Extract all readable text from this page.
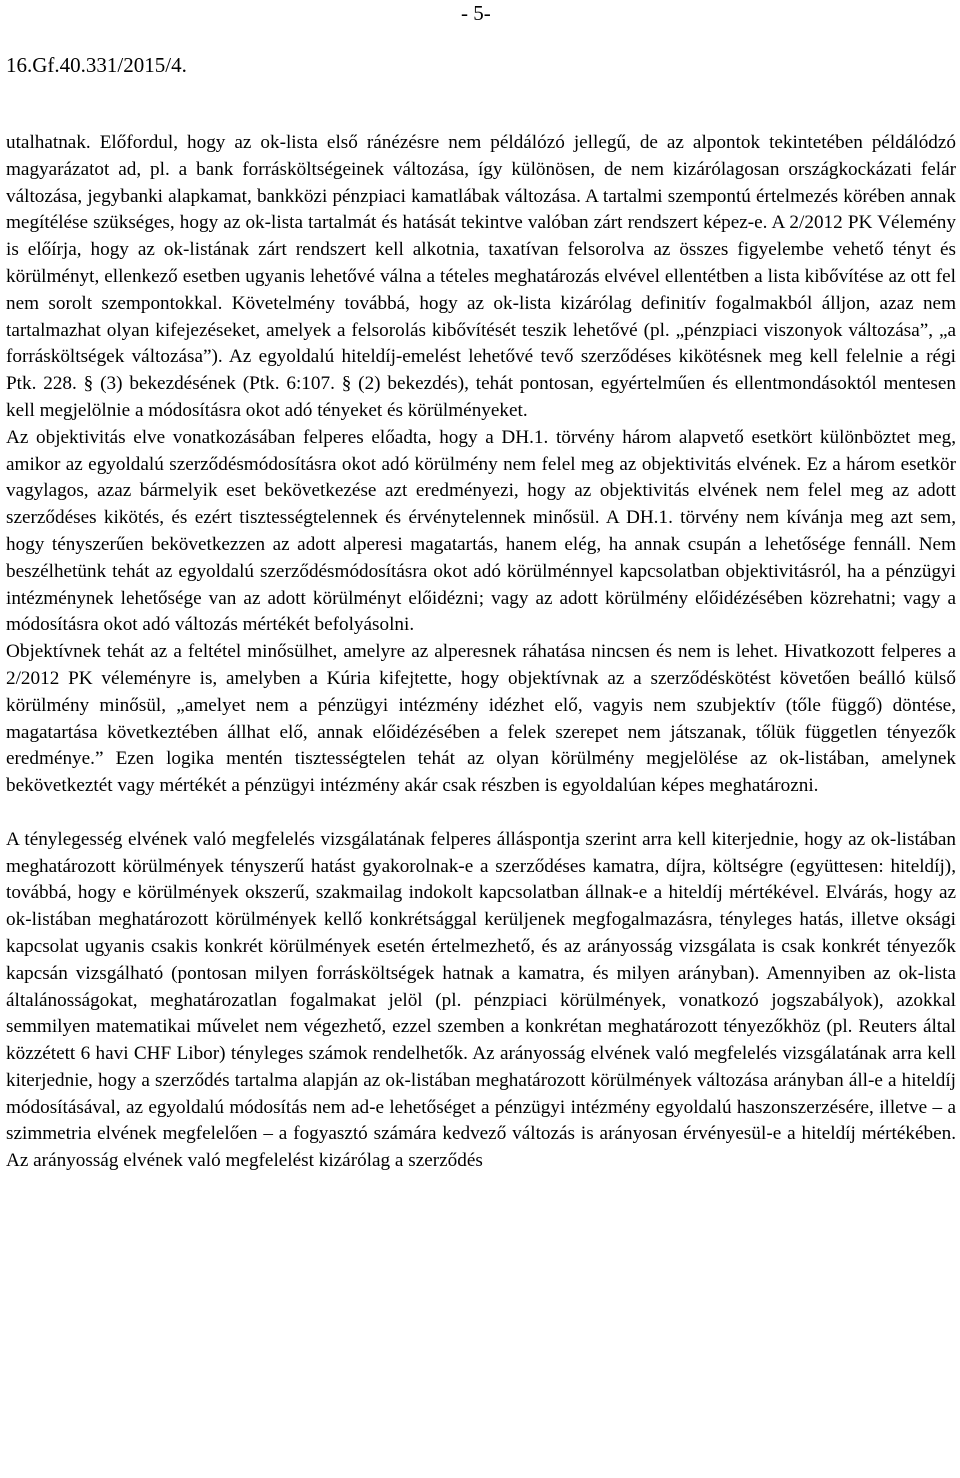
- 5-
16.Gf.40.331/2015/4.

utalhatnak. Előfordul, hogy az ok-lista első ránézésre nem példálózó jellegű, de az alpontok tekintetében példálódzó magyarázatot ad, pl. a bank forrásköltségeinek változása, így különösen, de nem kizárólagosan országkockázati felár változása, jegybanki alapkamat, bankközi pénzpiaci kamatlábak változása. A tartalmi szempontú értelmezés körében annak megítélése szükséges, hogy az ok-lista tartalmát és hatását tekintve valóban zárt rendszert képez-e. A 2/2012 PK Vélemény is előírja, hogy az ok-listának zárt rendszert kell alkotnia, taxatívan felsorolva az összes figyelembe vehető tényt és körülményt, ellenkező esetben ugyanis lehetővé válna a tételes meghatározás elvével ellentétben a lista kibővítése az ott fel nem sorolt szempontokkal. Követelmény továbbá, hogy az ok-lista kizárólag definitív fogalmakból álljon, azaz nem tartalmazhat olyan kifejezéseket, amelyek a felsorolás kibővítését teszik lehetővé (pl. „pénzpiaci viszonyok változása”, „a forrásköltségek változása”). Az egyoldalú hiteldíj-emelést lehetővé tevő szerződéses kikötésnek meg kell felelnie a régi Ptk. 228. § (3) bekezdésének (Ptk. 6:107. § (2) bekezdés), tehát pontosan, egyértelműen és ellentmondásoktól mentesen kell megjelölnie a módosításra okot adó tényeket és körülményeket.

Az objektivitás elve vonatkozásában felperes előadta, hogy a DH.1. törvény három alapvető esetkört különböztet meg, amikor az egyoldalú szerződésmódosításra okot adó körülmény nem felel meg az objektivitás elvének. Ez a három esetkör vagylagos, azaz bármelyik eset bekövetkezése azt eredményezi, hogy az objektivitás elvének nem felel meg az adott szerződéses kikötés, és ezért tisztességtelennek és érvénytelennek minősül. A DH.1. törvény nem kívánja meg azt sem, hogy tényszerűen bekövetkezzen az adott alperesi magatartás, hanem elég, ha annak csupán a lehetősége fennáll. Nem beszélhetünk tehát az egyoldalú szerződésmódosításra okot adó körülménnyel kapcsolatban objektivitásról, ha a pénzügyi intézménynek lehetősége van az adott körülményt előidézni; vagy az adott körülmény előidézésében közrehatni; vagy a módosításra okot adó változás mértékét befolyásolni.

Objektívnek tehát az a feltétel minősülhet, amelyre az alperesnek ráhatása nincsen és nem is lehet. Hivatkozott felperes a 2/2012 PK véleményre is, amelyben a Kúria kifejtette, hogy objektívnak az a szerződéskötést követően beálló külső körülmény minősül, „amelyet nem a pénzügyi intézmény idézhet elő, vagyis nem szubjektív (tőle függő) döntése, magatartása következtében állhat elő, annak előidézésében a felek szerepet nem játszanak, tőlük független tényezők eredménye.” Ezen logika mentén tisztességtelen tehát az olyan körülmény megjelölése az ok-listában, amelynek bekövetkeztét vagy mértékét a pénzügyi intézmény akár csak részben is egyoldalúan képes meghatározni.

A ténylegesség elvének való megfelelés vizsgálatának felperes álláspontja szerint arra kell kiterjednie, hogy az ok-listában meghatározott körülmények tényszerű hatást gyakorolnak-e a szerződéses kamatra, díjra, költségre (együttesen: hiteldíj), továbbá, hogy e körülmények okszerű, szakmailag indokolt kapcsolatban állnak-e a hiteldíj mértékével. Elvárás, hogy az ok-listában meghatározott körülmények kellő konkrétsággal kerüljenek megfogalmazásra, tényleges hatás, illetve oksági kapcsolat ugyanis csakis konkrét körülmények esetén értelmezhető, és az arányosság vizsgálata is csak konkrét tényezők kapcsán vizsgálható (pontosan milyen forrásköltségek hatnak a kamatra, és milyen arányban). Amennyiben az ok-lista általánosságokat, meghatározatlan fogalmakat jelöl (pl. pénzpiaci körülmények, vonatkozó jogszabályok), azokkal semmilyen matematikai művelet nem végezhető, ezzel szemben a konkrétan meghatározott tényezőkhöz (pl. Reuters által közzétett 6 havi CHF Libor) tényleges számok rendelhetők. Az arányosság elvének való megfelelés vizsgálatának arra kell kiterjednie, hogy a szerződés tartalma alapján az ok-listában meghatározott körülmények változása arányban áll-e a hiteldíj módosításával, az egyoldalú módosítás nem ad-e lehetőséget a pénzügyi intézmény egyoldalú haszonszerzésére, illetve – a szimmetria elvének megfelelően – a fogyasztó számára kedvező változás is arányosan érvényesül-e a hiteldíj mértékében. Az arányosság elvének való megfelelést kizárólag a szerződés
